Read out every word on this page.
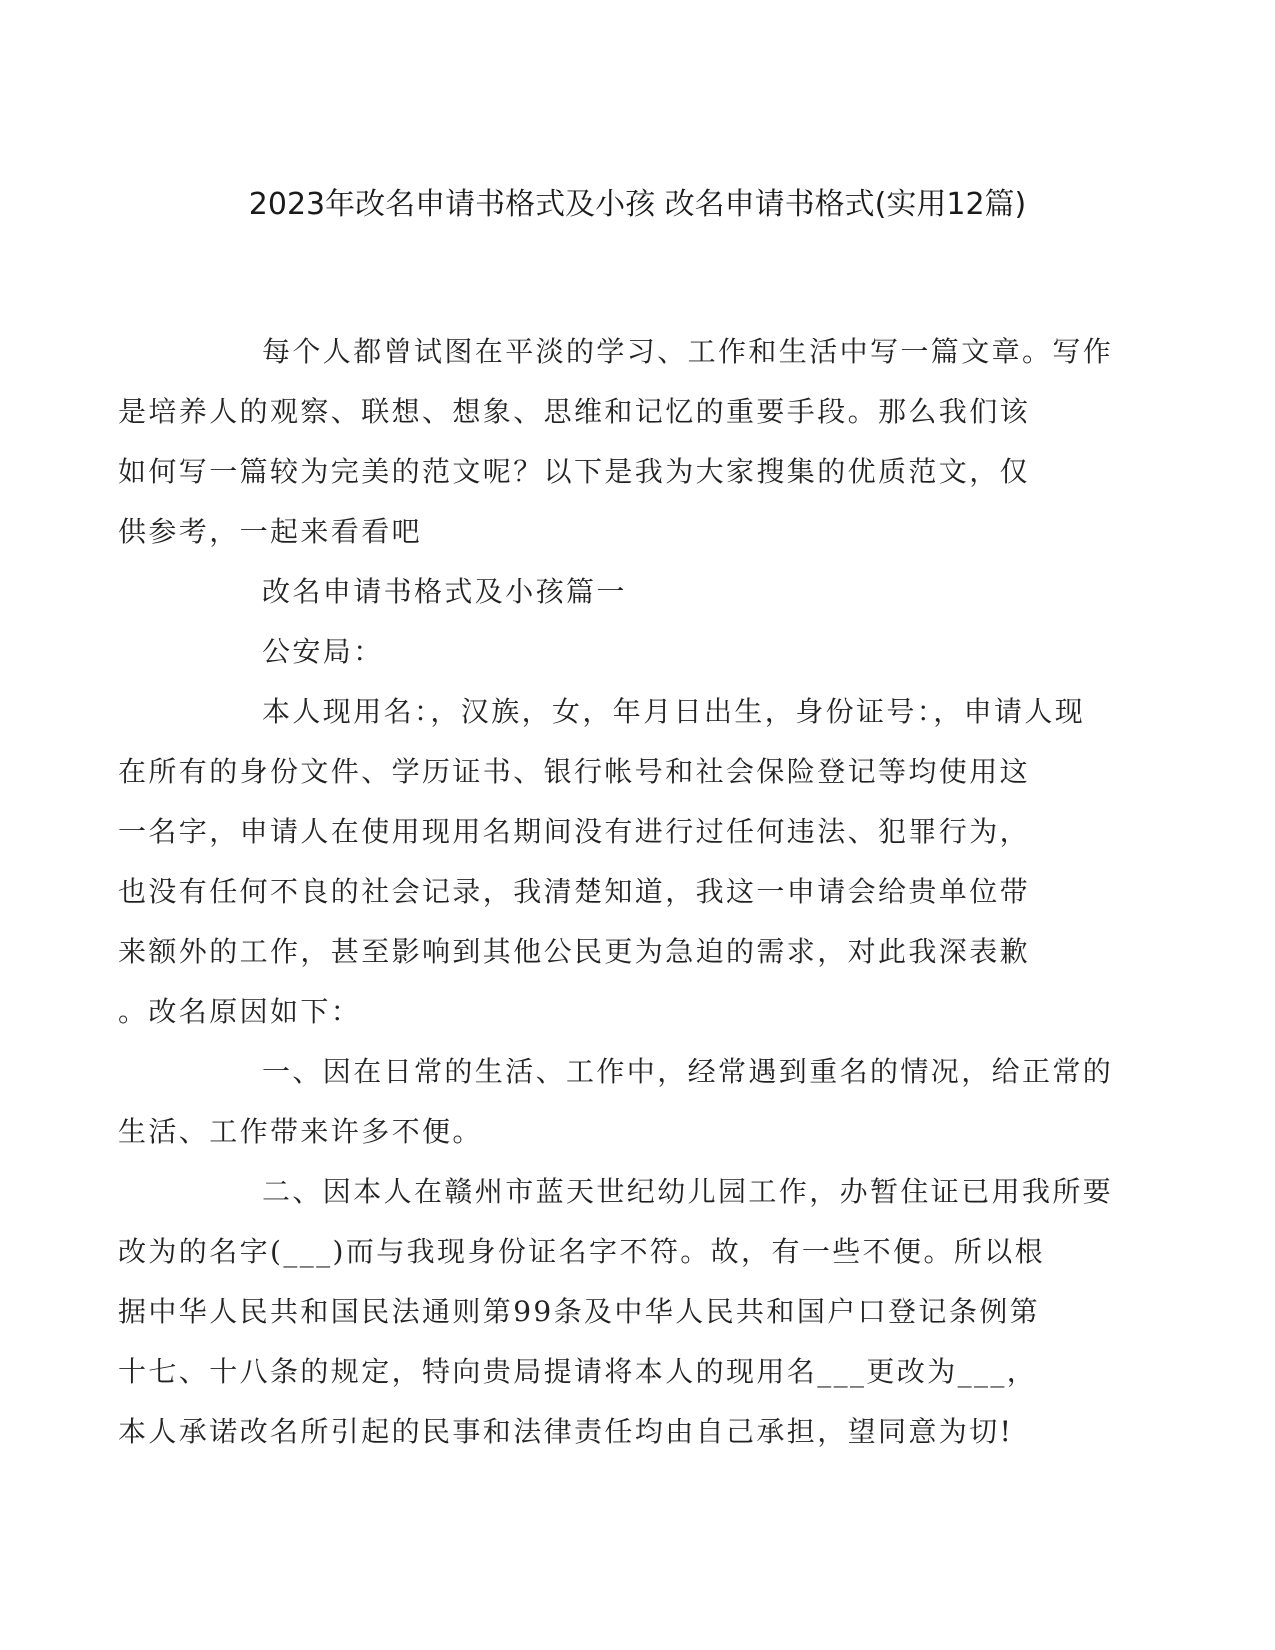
2023年改名申请书格式及小孩 改名申请书格式(实用12篇)

每个人都曾试图在平淡的学习、工作和生活中写一篇文章。写作
是培养人的观察、联想、想象、思维和记忆的重要手段。那么我们该
如何写一篇较为完美的范文呢？以下是我为大家搜集的优质范文，仅
供参考，一起来看看吧

改名申请书格式及小孩篇一

公安局：

本人现用名：，汉族，女，年月日出生，身份证号：，申请人现
在所有的身份文件、学历证书、银行帐号和社会保险登记等均使用这
一名字，申请人在使用现用名期间没有进行过任何违法、犯罪行为，
也没有任何不良的社会记录，我清楚知道，我这一申请会给贵单位带
来额外的工作，甚至影响到其他公民更为急迫的需求，对此我深表歉
。改名原因如下：

一、因在日常的生活、工作中，经常遇到重名的情况，给正常的
生活、工作带来许多不便。

二、因本人在赣州市蓝天世纪幼儿园工作，办暂住证已用我所要
改为的名字(___)而与我现身份证名字不符。故，有一些不便。所以根
据中华人民共和国民法通则第99条及中华人民共和国户口登记条例第
十七、十八条的规定，特向贵局提请将本人的现用名___更改为___，
本人承诺改名所引起的民事和法律责任均由自己承担，望同意为切!
